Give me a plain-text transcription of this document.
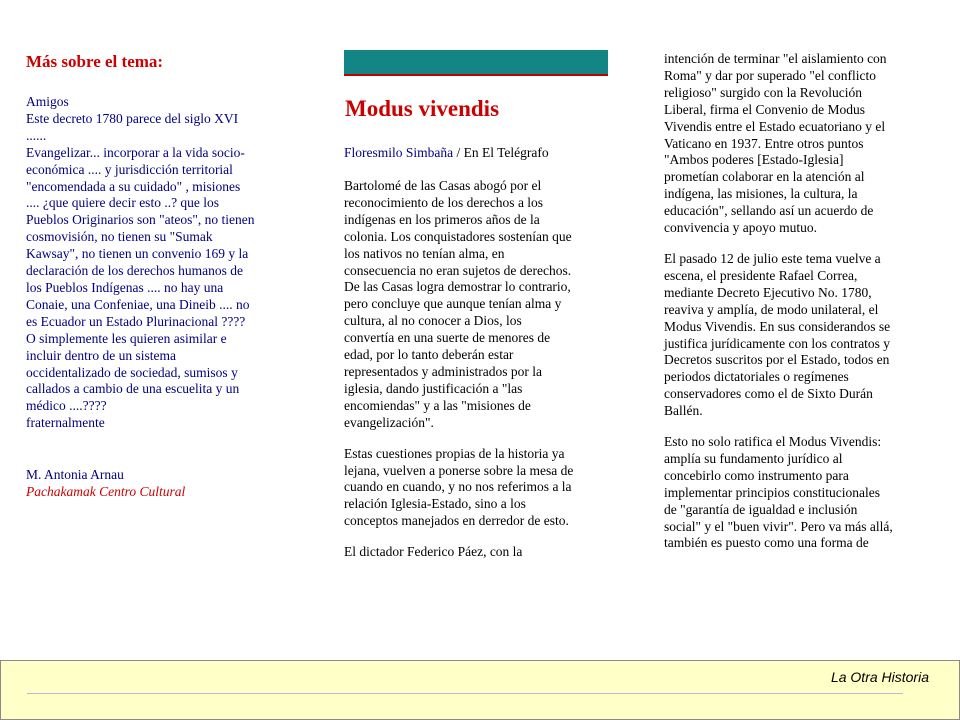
Más sobre el tema:

Amigos
Este decreto 1780 parece del siglo XVI
......
Evangelizar... incorporar a la vida socio-
económica .... y jurisdicción territorial
"encomendada a su cuidado" , misiones
.... ¿que quiere decir esto ..? que los
Pueblos Originarios son "ateos", no tienen
cosmovisión, no tienen su "Sumak
Kawsay", no tienen un convenio 169 y la
declaración de los derechos humanos de
los Pueblos Indígenas .... no hay una
Conaie, una Confeniae, una Dineib .... no
es Ecuador un Estado Plurinacional ????
O simplemente les quieren asimilar e
incluir dentro de un sistema
occidentalizado de sociedad, sumisos y
callados a cambio de una escuelita y un
médico ....????
fraternalmente

M. Antonia Arnau

Pachakamak Centro Cultural

Modus vivendis

Floresmilo Simbaña / En El Telégrafo

Bartolomé de las Casas abogó por el
reconocimiento de los derechos a los
indígenas en los primeros años de la
colonia. Los conquistadores sostenían que
los nativos no tenían alma, en
consecuencia no eran sujetos de derechos.
De las Casas logra demostrar lo contrario,
pero concluye que aunque tenían alma y
cultura, al no conocer a Dios, los
convertía en una suerte de menores de
edad, por lo tanto deberán estar
representados y administrados por la
iglesia, dando justificación a "las
encomiendas" y a las "misiones de
evangelización".

Estas cuestiones propias de la historia ya
lejana, vuelven a ponerse sobre la mesa de
cuando en cuando, y no nos referimos a la
relación Iglesia-Estado, sino a los
conceptos manejados en derredor de esto.

El dictador Federico Páez, con la

intención de terminar "el aislamiento con
Roma" y dar por superado "el conflicto
religioso" surgido con la Revolución
Liberal, firma el Convenio de Modus
Vivendis entre el Estado ecuatoriano y el
Vaticano en 1937. Entre otros puntos
"Ambos poderes [Estado-Iglesia]
prometían colaborar en la atención al
indígena, las misiones, la cultura, la
educación", sellando así un acuerdo de
convivencia y apoyo mutuo.

El pasado 12 de julio este tema vuelve a
escena, el presidente Rafael Correa,
mediante Decreto Ejecutivo No. 1780,
reaviva y amplía, de modo unilateral, el
Modus Vivendis. En sus considerandos se
justifica jurídicamente con los contratos y
Decretos suscritos por el Estado, todos en
periodos dictatoriales o regímenes
conservadores como el de Sixto Durán
Ballén.

Esto no solo ratifica el Modus Vivendis:
amplía su fundamento jurídico al
concebirlo como instrumento para
implementar principios constitucionales
de "garantía de igualdad e inclusión
social" y el "buen vivir". Pero va más allá,
también es puesto como una forma de

La Otra Historia
